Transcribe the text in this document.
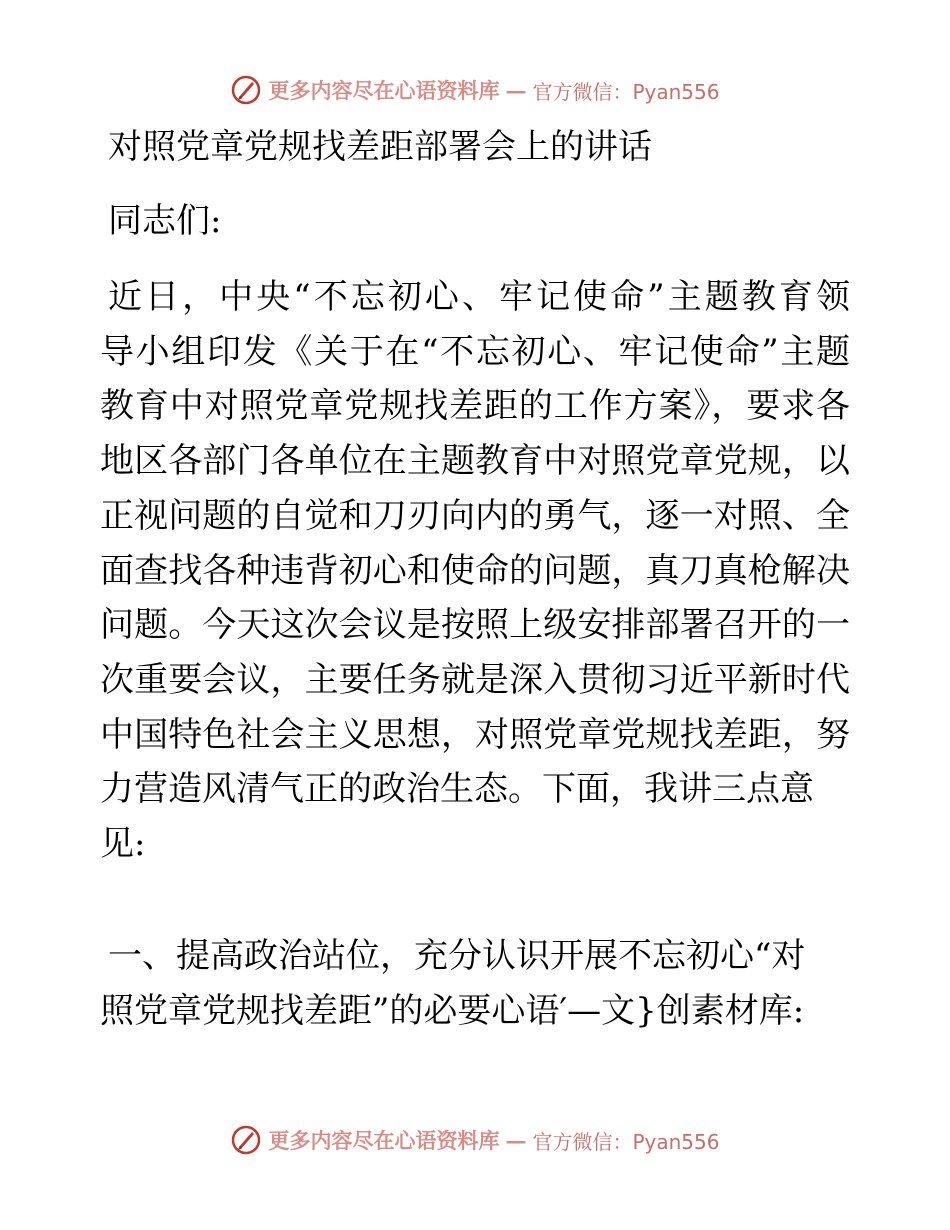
更多内容尽在心语资料库 — 官方微信：Pyan556
对照党章党规找差距部署会上的讲话

同志们:

近日，中央“不忘初心、牢记使命”主题教育领
导小组印发《关于在“不忘初心、牢记使命”主题
教育中对照党章党规找差距的工作方案》，要求各
地区各部门各单位在主题教育中对照党章党规，以
正视问题的自觉和刀刃向内的勇气，逐一对照、全
面查找各种违背初心和使命的问题，真刀真枪解决
问题。今天这次会议是按照上级安排部署召开的一
次重要会议，主要任务就是深入贯彻习近平新时代
中国特色社会主义思想，对照党章党规找差距，努
力营造风清气正的政治生态。下面，我讲三点意
见:
一、提高政治站位，充分认识开展不忘初心“对
照党章党规找差距”的必要心语′—文}创素材库:
更多内容尽在心语资料库 — 官方微信：Pyan556
